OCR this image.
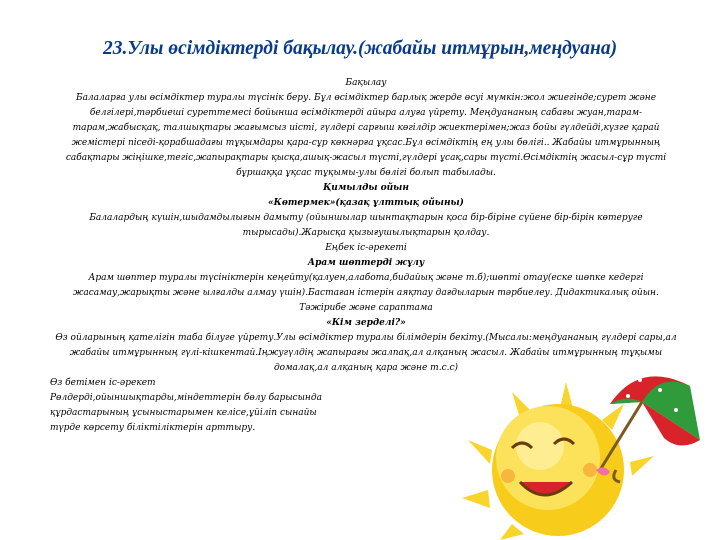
23.Улы өсімдіктерді бақылау.(жабайы итмұрын,меңдуана)

Бақылау

Балаларға улы өсімдіктер туралы түсінік беру. Бұл өсімдіктер барлық жерде өсуі мүмкін:жол жиегінде;сурет және белгілері,тәрбиеші суреттемесі бойынша өсімдіктерді айыра алуға үйрету. Меңдуананың сабағы жуан,тарам-тарам,жабысқақ, талшықтары жағымсыз иісті, гүлдері сарғыш көгілдір жиектерімен;жаз бойы гүлдейді,күзге қарай жемістері піседі-қорабшадағы тұқымдары қара-сұр көкнәрға ұқсас.Бұл өсімдіктің ең улы бөлігі.. Жабайы итмұрынның сабақтары жіңішке,тегіс,жапырақтары қысқа,ашық-жасыл түсті,гүлдері ұсақ,сары түсті.Өсімдіктің жасыл-сұр түсті бұршаққа ұқсас тұқымы-улы бөлігі болып табылады.

Қимылды ойын

«Көтермек»(қазақ ұлттық ойыны)

Балалардың күшін,шыдамдылығын дамыту (ойыншылар шынтақтарын қоса бір-біріне сүйене бір-бірін көтеруге тырысады).Жарысқа қызығушылықтарын қолдау.

Еңбек іс-әрекеті

Арам шөптерді жұлу

Арам шөптер туралы түсініктерін кеңейту(қалуен,алабота,бидайық және т.б);шөпті отау(еске шөпке кедергі жасамау,жарықты және ылғалды алмау үшін).Бастаған істерін аяқтау дағдыларын тәрбиелеу. Дидактикалық ойын. Тәжірибе және сараптама

«Кім зерделі?»

Өз ойларының қателігін таба білуге үйрету.Улы өсімдіктер туралы білімдерін бекіту.(Мысалы:меңдуананың гүлдері сары,ал жабайы итмұрынның гүлі-кішкентай.Іңжугүлдің жапырағы жалпақ,ал алқаның жасыл. Жабайы итмұрынның тұқымы домалақ,ал алқаның қара және т.с.с)

Өз бетімен іс-әрекет

Рөлдерді,ойыншықтарды,міндеттерін бөлу барысында

құрдастарының ұсыныстарымен келісе,ұйіліп сынайы

түрде көрсету біліктіліктерін арттыру.
